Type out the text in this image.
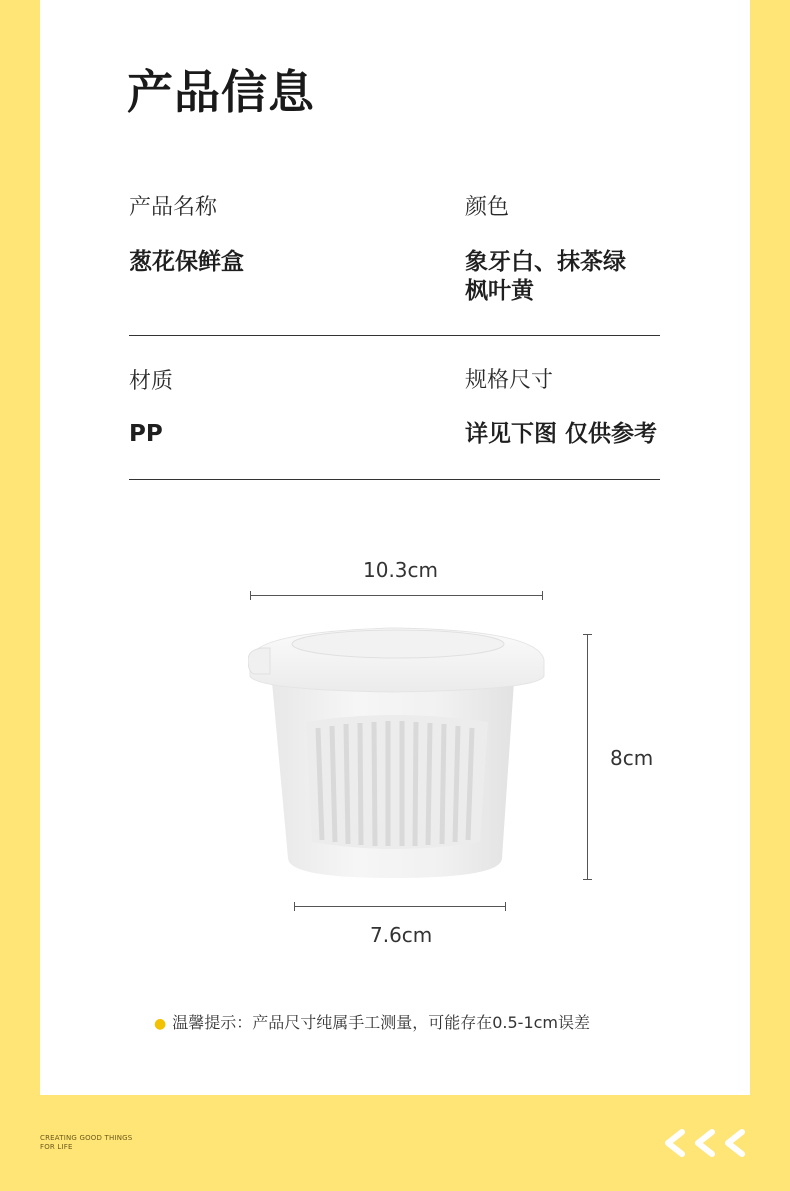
产品信息
产品名称	颜色
葱花保鲜盒	象牙白、抹茶绿
枫叶黄
材质	规格尺寸
PP	详见下图 仅供参考
10.3cm
8cm
7.6cm
● 温馨提示：产品尺寸纯属手工测量，可能存在0.5-1cm误差
CREATING GOOD THINGS
FOR LIFE
